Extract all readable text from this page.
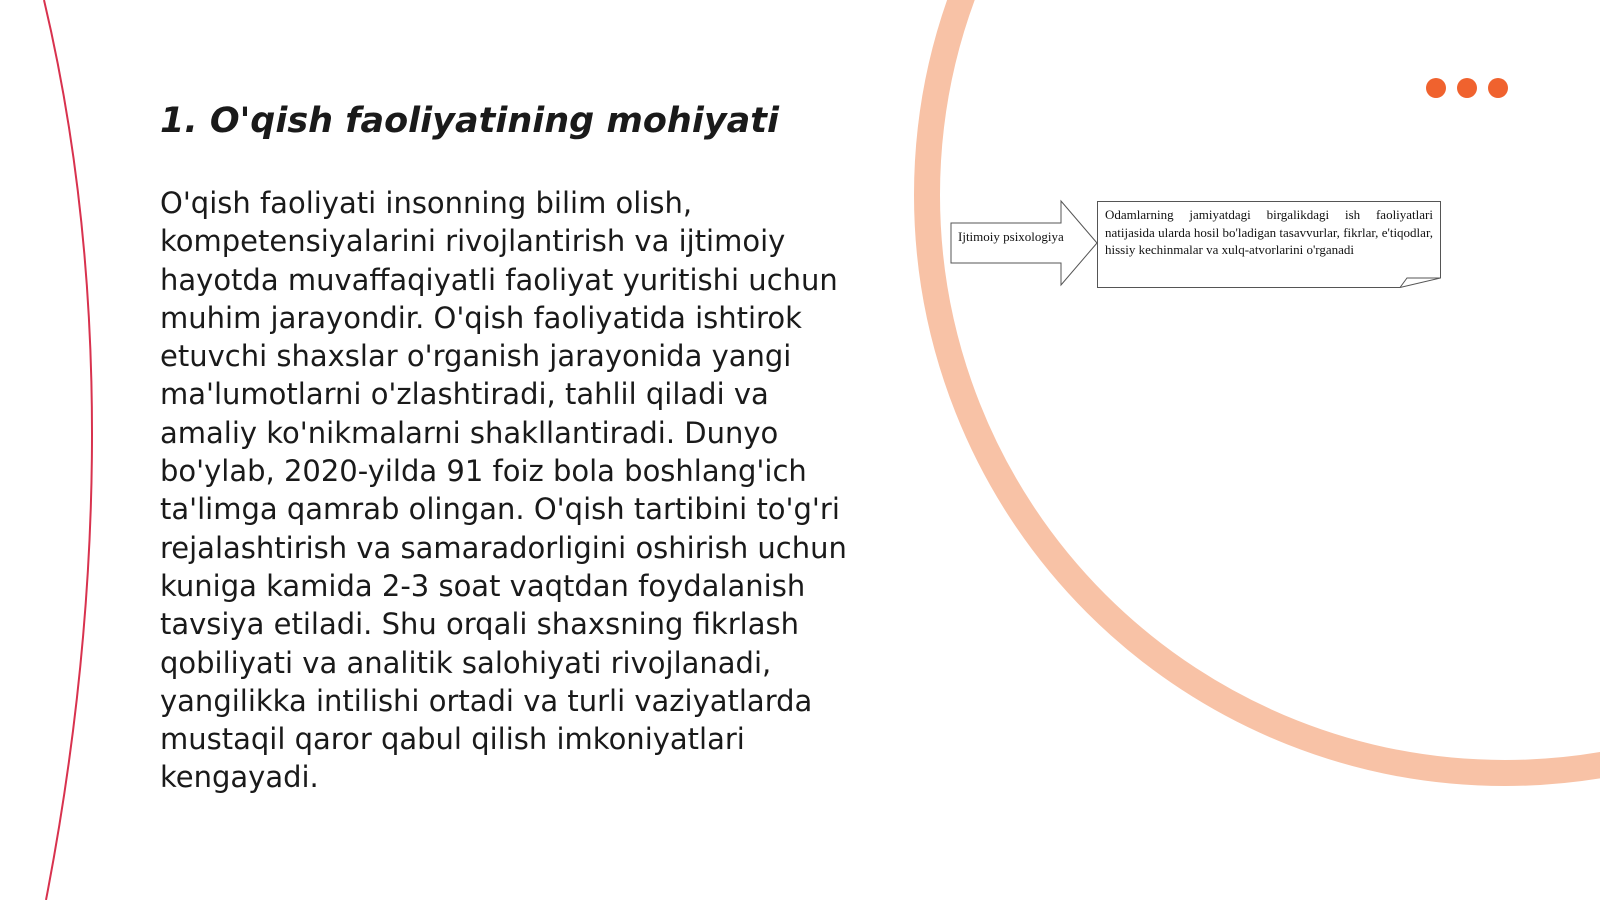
1. O'qish faoliyatining mohiyati

O'qish faoliyati insonning bilim olish, kompetensiyalarini rivojlantirish va ijtimoiy hayotda muvaffaqiyatli faoliyat yuritishi uchun muhim jarayondir. O'qish faoliyatida ishtirok etuvchi shaxslar o'rganish jarayonida yangi ma'lumotlarni o'zlashtiradi, tahlil qiladi va amaliy ko'nikmalarni shakllantiradi. Dunyo bo'ylab, 2020-yilda 91 foiz bola boshlang'ich ta'limga qamrab olingan. O'qish tartibini to'g'ri rejalashtirish va samaradorligini oshirish uchun kuniga kamida 2-3 soat vaqtdan foydalanish tavsiya etiladi. Shu orqali shaxsning fikrlash qobiliyati va analitik salohiyati rivojlanadi, yangilikka intilishi ortadi va turli vaziyatlarda mustaqil qaror qabul qilish imkoniyatlari kengayadi.

Ijtimoiy psixologiya

Odamlarning jamiyatdagi birgalikdagi ish faoliyatlari natijasida ularda hosil bo'ladigan tasavvurlar, fikrlar, e'tiqodlar, hissiy kechinmalar va xulq-atvorlarini o'rganadi
